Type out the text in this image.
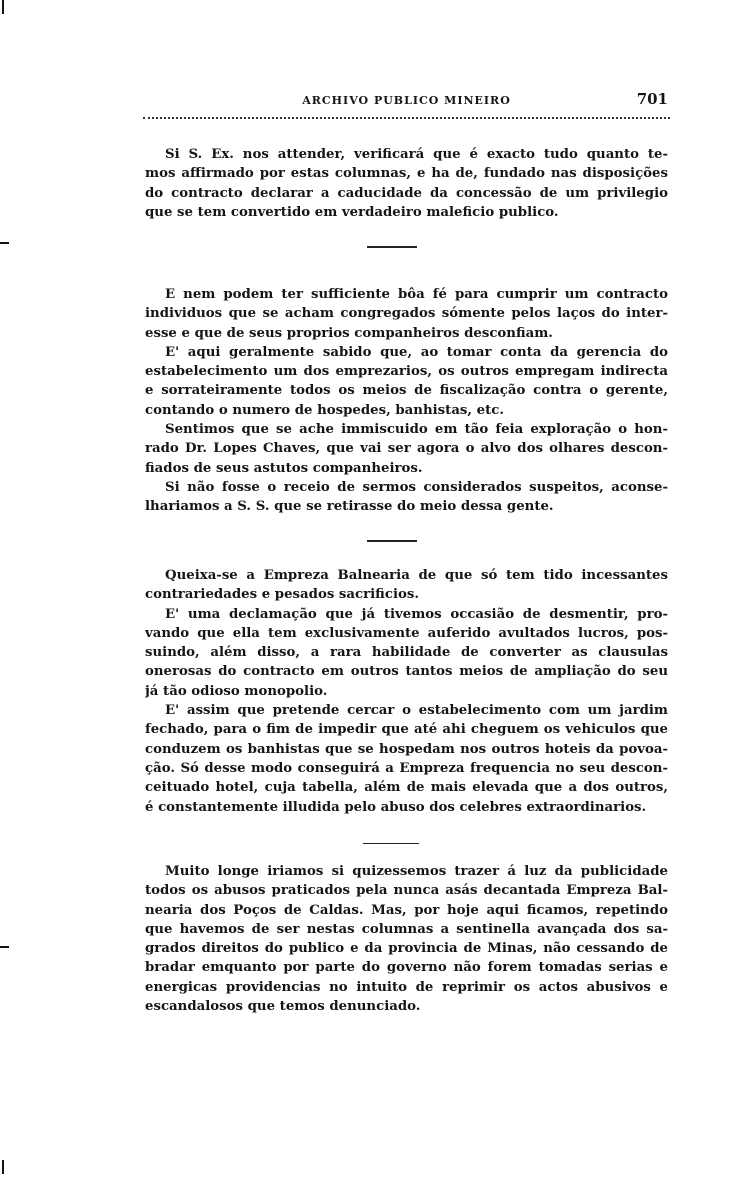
ARCHIVO PUBLICO MINEIRO	701
Si S. Ex. nos attender, verificará que é exacto tudo quanto te-
mos affirmado por estas columnas, e ha de, fundado nas disposições
do contracto declarar a caducidade da concessão de um privilegio
que se tem convertido em verdadeiro maleficio publico.
E nem podem ter sufficiente bôa fé para cumprir um contracto
individuos que se acham congregados sómente pelos laços do inter-
esse e que de seus proprios companheiros desconfiam.
E' aqui geralmente sabido que, ao tomar conta da gerencia do
estabelecimento um dos emprezarios, os outros empregam indirecta
e sorrateiramente todos os meios de fiscalização contra o gerente,
contando o numero de hospedes, banhistas, etc.
Sentimos que se ache immiscuido em tão feia exploração o hon-
rado Dr. Lopes Chaves, que vai ser agora o alvo dos olhares descon-
fiados de seus astutos companheiros.
Si não fosse o receio de sermos considerados suspeitos, aconse-
lhariamos a S. S. que se retirasse do meio dessa gente.
Queixa-se a Empreza Balnearia de que só tem tido incessantes
contrariedades e pesados sacrificios.
E' uma declamação que já tivemos occasião de desmentir, pro-
vando que ella tem exclusivamente auferido avultados lucros, pos-
suindo, além disso, a rara habilidade de converter as clausulas
onerosas do contracto em outros tantos meios de ampliação do seu
já tão odioso monopolio.
E' assim que pretende cercar o estabelecimento com um jardim
fechado, para o fim de impedir que até ahi cheguem os vehiculos que
conduzem os banhistas que se hospedam nos outros hoteis da povoa-
ção. Só desse modo conseguirá a Empreza frequencia no seu descon-
ceituado hotel, cuja tabella, além de mais elevada que a dos outros,
é constantemente illudida pelo abuso dos celebres extraordinarios.
Muito longe iriamos si quizessemos trazer á luz da publicidade
todos os abusos praticados pela nunca asás decantada Empreza Bal-
nearia dos Poços de Caldas. Mas, por hoje aqui ficamos, repetindo
que havemos de ser nestas columnas a sentinella avançada dos sa-
grados direitos do publico e da provincia de Minas, não cessando de
bradar emquanto por parte do governo não forem tomadas serias e
energicas providencias no intuito de reprimir os actos abusivos e
escandalosos que temos denunciado.
